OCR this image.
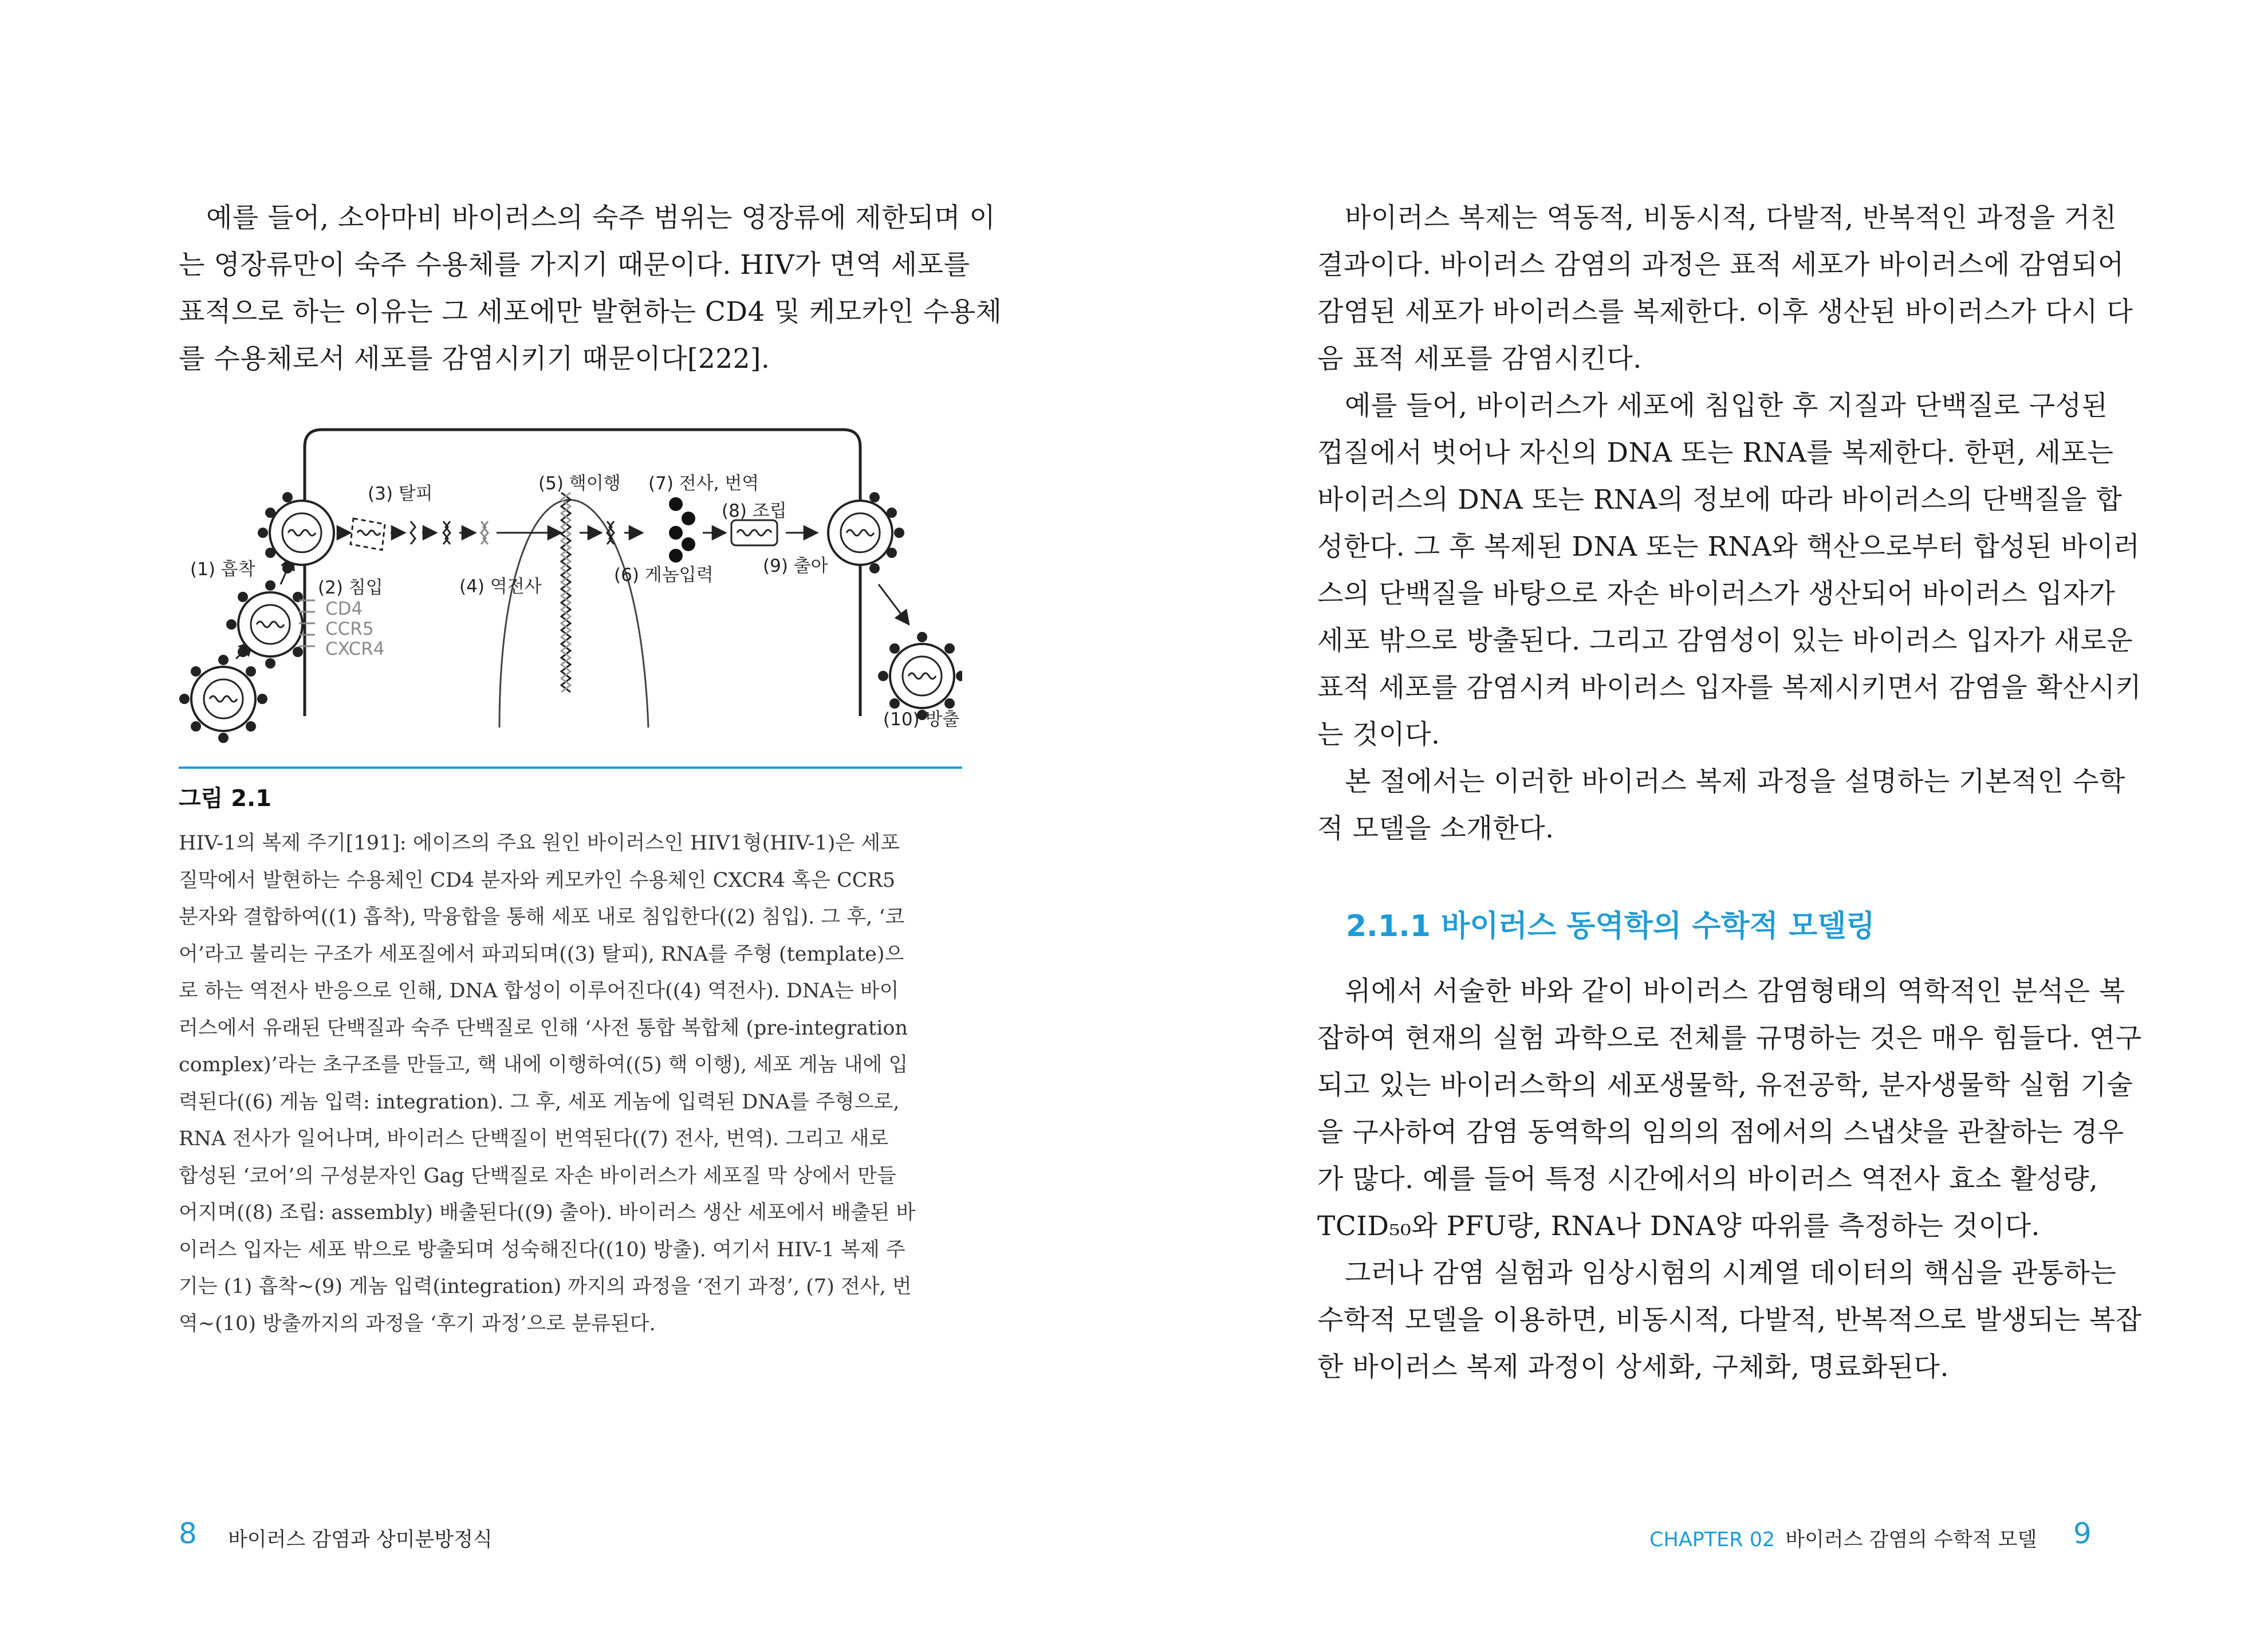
예를 들어, 소아마비 바이러스의 숙주 범위는 영장류에 제한되며 이
는 영장류만이 숙주 수용체를 가지기 때문이다. HIV가 면역 세포를
표적으로 하는 이유는 그 세포에만 발현하는 CD4 및 케모카인 수용체
를 수용체로서 세포를 감염시키기 때문이다[222].
(1) 흡착
(2) 침입
(3) 탈피
(4) 역전사
(5) 핵이행
(6) 게놈입력
(7) 전사, 번역
(8) 조립
(9) 출아
(10) 방출
CD4
CCR5
CXCR4
그림 2.1
HIV-1의 복제 주기[191]: 에이즈의 주요 원인 바이러스인 HIV1형(HIV-1)은 세포
질막에서 발현하는 수용체인 CD4 분자와 케모카인 수용체인 CXCR4 혹은 CCR5
분자와 결합하여((1) 흡착), 막융합을 통해 세포 내로 침입한다((2) 침입). 그 후, ‘코
어’라고 불리는 구조가 세포질에서 파괴되며((3) 탈피), RNA를 주형 (template)으
로 하는 역전사 반응으로 인해, DNA 합성이 이루어진다((4) 역전사). DNA는 바이
러스에서 유래된 단백질과 숙주 단백질로 인해 ‘사전 통합 복합체 (pre-integration
complex)’라는 초구조를 만들고, 핵 내에 이행하여((5) 핵 이행), 세포 게놈 내에 입
력된다((6) 게놈 입력: integration). 그 후, 세포 게놈에 입력된 DNA를 주형으로,
RNA 전사가 일어나며, 바이러스 단백질이 번역된다((7) 전사, 번역). 그리고 새로
합성된 ‘코어’의 구성분자인 Gag 단백질로 자손 바이러스가 세포질 막 상에서 만들
어지며((8) 조립: assembly) 배출된다((9) 출아). 바이러스 생산 세포에서 배출된 바
이러스 입자는 세포 밖으로 방출되며 성숙해진다((10) 방출). 여기서 HIV-1 복제 주
기는 (1) 흡착~(9) 게놈 입력(integration) 까지의 과정을 ‘전기 과정’, (7) 전사, 번
역~(10) 방출까지의 과정을 ‘후기 과정’으로 분류된다.
8 바이러스 감염과 상미분방정식
바이러스 복제는 역동적, 비동시적, 다발적, 반복적인 과정을 거친
결과이다. 바이러스 감염의 과정은 표적 세포가 바이러스에 감염되어
감염된 세포가 바이러스를 복제한다. 이후 생산된 바이러스가 다시 다
음 표적 세포를 감염시킨다.
예를 들어, 바이러스가 세포에 침입한 후 지질과 단백질로 구성된
껍질에서 벗어나 자신의 DNA 또는 RNA를 복제한다. 한편, 세포는
바이러스의 DNA 또는 RNA의 정보에 따라 바이러스의 단백질을 합
성한다. 그 후 복제된 DNA 또는 RNA와 핵산으로부터 합성된 바이러
스의 단백질을 바탕으로 자손 바이러스가 생산되어 바이러스 입자가
세포 밖으로 방출된다. 그리고 감염성이 있는 바이러스 입자가 새로운
표적 세포를 감염시켜 바이러스 입자를 복제시키면서 감염을 확산시키
는 것이다.
본 절에서는 이러한 바이러스 복제 과정을 설명하는 기본적인 수학
적 모델을 소개한다.
2.1.1 바이러스 동역학의 수학적 모델링
위에서 서술한 바와 같이 바이러스 감염형태의 역학적인 분석은 복
잡하여 현재의 실험 과학으로 전체를 규명하는 것은 매우 힘들다. 연구
되고 있는 바이러스학의 세포생물학, 유전공학, 분자생물학 실험 기술
을 구사하여 감염 동역학의 임의의 점에서의 스냅샷을 관찰하는 경우
가 많다. 예를 들어 특정 시간에서의 바이러스 역전사 효소 활성량,
TCID₅₀와 PFU량, RNA나 DNA양 따위를 측정하는 것이다.
그러나 감염 실험과 임상시험의 시계열 데이터의 핵심을 관통하는
수학적 모델을 이용하면, 비동시적, 다발적, 반복적으로 발생되는 복잡
한 바이러스 복제 과정이 상세화, 구체화, 명료화된다.
CHAPTER 02 바이러스 감염의 수학적 모델 9
